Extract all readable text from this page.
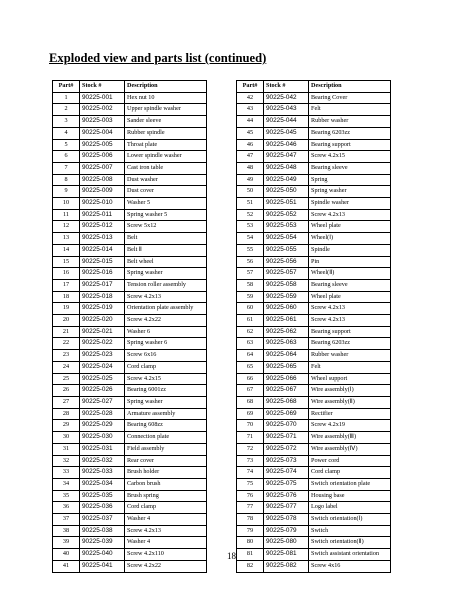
Exploded view and parts list (continued)
Part#	Stock #	Description
1	90225-001	Hex nut 10
2	90225-002	Upper spindle washer
3	90225-003	Sander sleeve
4	90225-004	Rubber spindle
5	90225-005	Throat plate
6	90225-006	Lower spindle washer
7	90225-007	Cast iron table
8	90225-008	Dust washer
9	90225-009	Dust cover
10	90225-010	Washer 5
11	90225-011	Spring washer 5
12	90225-012	Screw 5x12
13	90225-013	Belt
14	90225-014	Belt Ⅱ
15	90225-015	Belt wheel
16	90225-016	Spring washer
17	90225-017	Tension roller assembly
18	90225-018	Screw 4.2x13
19	90225-019	Orientation plate assembly
20	90225-020	Screw 4.2x22
21	90225-021	Washer 6
22	90225-022	Spring washer 6
23	90225-023	Screw 6x16
24	90225-024	Cord clamp
25	90225-025	Screw 4.2x15
26	90225-026	Bearing 6001zz
27	90225-027	Spring washer
28	90225-028	Armature assembly
29	90225-029	Bearing 608zz
30	90225-030	Connection plate
31	90225-031	Field assembly
32	90225-032	Rear cover
33	90225-033	Brush holder
34	90225-034	Carbon brush
35	90225-035	Brush spring
36	90225-036	Cord clamp
37	90225-037	Washer 4
38	90225-038	Screw 4.2x13
39	90225-039	Washer 4
40	90225-040	Screw 4.2x110
41	90225-041	Screw 4.2x22
Part#	Stock #	Description
42	90225-042	Bearing Cover
43	90225-043	Felt
44	90225-044	Rubber washer
45	90225-045	Bearing 6203zz
46	90225-046	Bearing support
47	90225-047	Screw 4.2x15
48	90225-048	Bearing sleeve
49	90225-049	Spring
50	90225-050	Spring washer
51	90225-051	Spindle washer
52	90225-052	Screw 4.2x13
53	90225-053	Wheel plate
54	90225-054	Wheel(Ⅰ)
55	90225-055	Spindle
56	90225-056	Pin
57	90225-057	Wheel(Ⅱ)
58	90225-058	Bearing sleeve
59	90225-059	Wheel plate
60	90225-060	Screw 4.2x13
61	90225-061	Screw 4.2x13
62	90225-062	Bearing support
63	90225-063	Bearing 6203zz
64	90225-064	Rubber washer
65	90225-065	Felt
66	90225-066	Wheel support
67	90225-067	Wire assembly(Ⅰ)
68	90225-068	Wire assembly(Ⅱ)
69	90225-069	Rectifier
70	90225-070	Screw 4.2x19
71	90225-071	Wire assembly(Ⅲ)
72	90225-072	Wire assembly(Ⅳ)
73	90225-073	Power cord
74	90225-074	Cord clamp
75	90225-075	Switch orientation plate
76	90225-076	Housing base
77	90225-077	Logo label
78	90225-078	Switch orientation(Ⅰ)
79	90225-079	Switch
80	90225-080	Switch orientation(Ⅱ)
81	90225-081	Switch assistant orientation
82	90225-082	Screw 4x16
18
